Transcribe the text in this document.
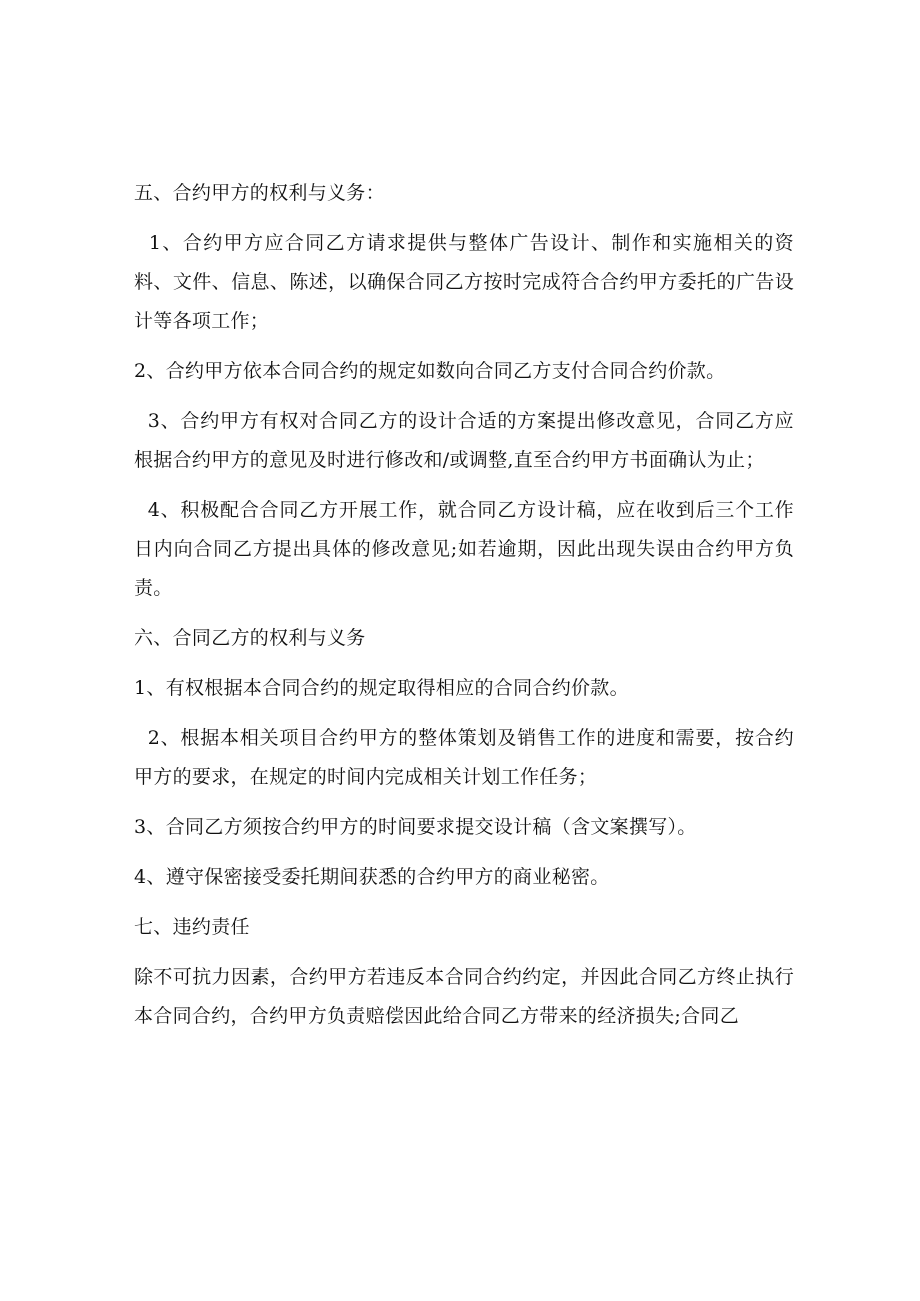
五、合约甲方的权利与义务：

1、合约甲方应合同乙方请求提供与整体广告设计、制作和实施相关的资料、文件、信息、陈述，以确保合同乙方按时完成符合合约甲方委托的广告设计等各项工作；

2、合约甲方依本合同合约的规定如数向合同乙方支付合同合约价款。

3、合约甲方有权对合同乙方的设计合适的方案提出修改意见，合同乙方应根据合约甲方的意见及时进行修改和/或调整,直至合约甲方书面确认为止；

4、积极配合合同乙方开展工作，就合同乙方设计稿，应在收到后三个工作日内向合同乙方提出具体的修改意见;如若逾期，因此出现失误由合约甲方负责。

六、合同乙方的权利与义务

1、有权根据本合同合约的规定取得相应的合同合约价款。

2、根据本相关项目合约甲方的整体策划及销售工作的进度和需要，按合约甲方的要求，在规定的时间内完成相关计划工作任务；

3、合同乙方须按合约甲方的时间要求提交设计稿（含文案撰写）。

4、遵守保密接受委托期间获悉的合约甲方的商业秘密。

七、违约责任

除不可抗力因素，合约甲方若违反本合同合约约定，并因此合同乙方终止执行本合同合约，合约甲方负责赔偿因此给合同乙方带来的经济损失;合同乙
